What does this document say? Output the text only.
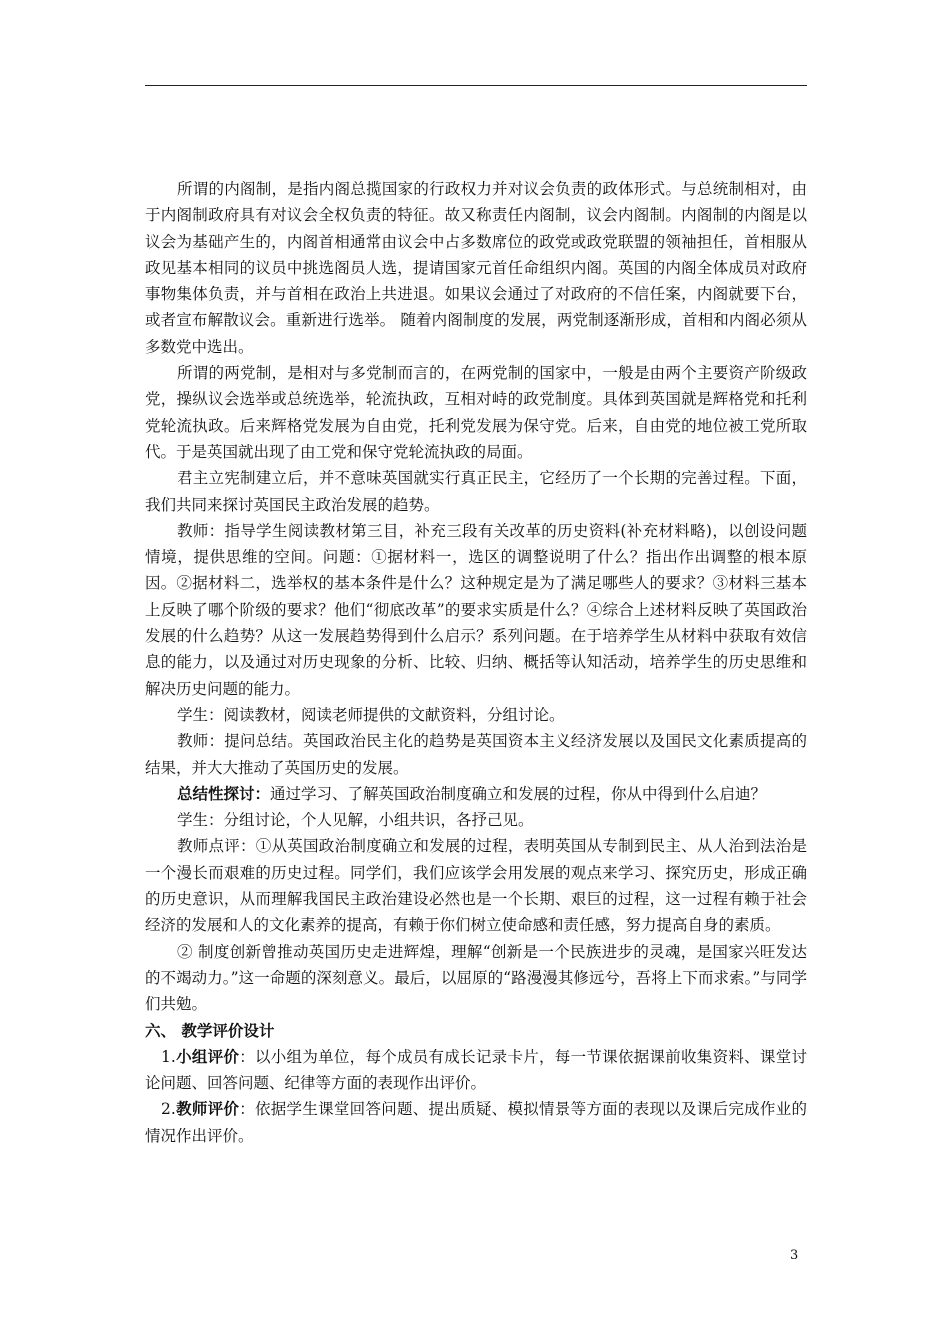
所谓的内阁制，是指内阁总揽国家的行政权力并对议会负责的政体形式。与总统制相对，由于内阁制政府具有对议会全权负责的特征。故又称责任内阁制，议会内阁制。内阁制的内阁是以议会为基础产生的，内阁首相通常由议会中占多数席位的政党或政党联盟的领袖担任，首相服从政见基本相同的议员中挑选阁员人选，提请国家元首任命组织内阁。英国的内阁全体成员对政府事物集体负责，并与首相在政治上共进退。如果议会通过了对政府的不信任案，内阁就要下台，或者宣布解散议会。重新进行选举。 随着内阁制度的发展，两党制逐渐形成，首相和内阁必须从多数党中选出。

所谓的两党制，是相对与多党制而言的，在两党制的国家中，一般是由两个主要资产阶级政党，操纵议会选举或总统选举，轮流执政，互相对峙的政党制度。具体到英国就是辉格党和托利党轮流执政。后来辉格党发展为自由党，托利党发展为保守党。后来，自由党的地位被工党所取代。于是英国就出现了由工党和保守党轮流执政的局面。

君主立宪制建立后，并不意味英国就实行真正民主，它经历了一个长期的完善过程。下面，我们共同来探讨英国民主政治发展的趋势。

教师：指导学生阅读教材第三目，补充三段有关改革的历史资料(补充材料略)，以创设问题情境，提供思维的空间。问题：①据材料一，选区的调整说明了什么？指出作出调整的根本原因。②据材料二，选举权的基本条件是什么？这种规定是为了满足哪些人的要求？③材料三基本上反映了哪个阶级的要求？他们“彻底改革”的要求实质是什么？④综合上述材料反映了英国政治发展的什么趋势？从这一发展趋势得到什么启示？系列问题。在于培养学生从材料中获取有效信息的能力，以及通过对历史现象的分析、比较、归纳、概括等认知活动，培养学生的历史思维和解决历史问题的能力。

学生：阅读教材，阅读老师提供的文献资料，分组讨论。

教师：提问总结。英国政治民主化的趋势是英国资本主义经济发展以及国民文化素质提高的结果，并大大推动了英国历史的发展。

总结性探讨：通过学习、了解英国政治制度确立和发展的过程，你从中得到什么启迪？

学生：分组讨论，个人见解，小组共识，各抒己见。

教师点评：①从英国政治制度确立和发展的过程，表明英国从专制到民主、从人治到法治是一个漫长而艰难的历史过程。同学们，我们应该学会用发展的观点来学习、探究历史，形成正确的历史意识，从而理解我国民主政治建设必然也是一个长期、艰巨的过程，这一过程有赖于社会经济的发展和人的文化素养的提高，有赖于你们树立使命感和责任感，努力提高自身的素质。

② 制度创新曾推动英国历史走进辉煌，理解“创新是一个民族进步的灵魂，是国家兴旺发达的不竭动力。”这一命题的深刻意义。最后，以屈原的“路漫漫其修远兮，吾将上下而求索。”与同学们共勉。

六、 教学评价设计

1.小组评价：以小组为单位，每个成员有成长记录卡片，每一节课依据课前收集资料、课堂讨论问题、回答问题、纪律等方面的表现作出评价。

2.教师评价：依据学生课堂回答问题、提出质疑、模拟情景等方面的表现以及课后完成作业的情况作出评价。

3
